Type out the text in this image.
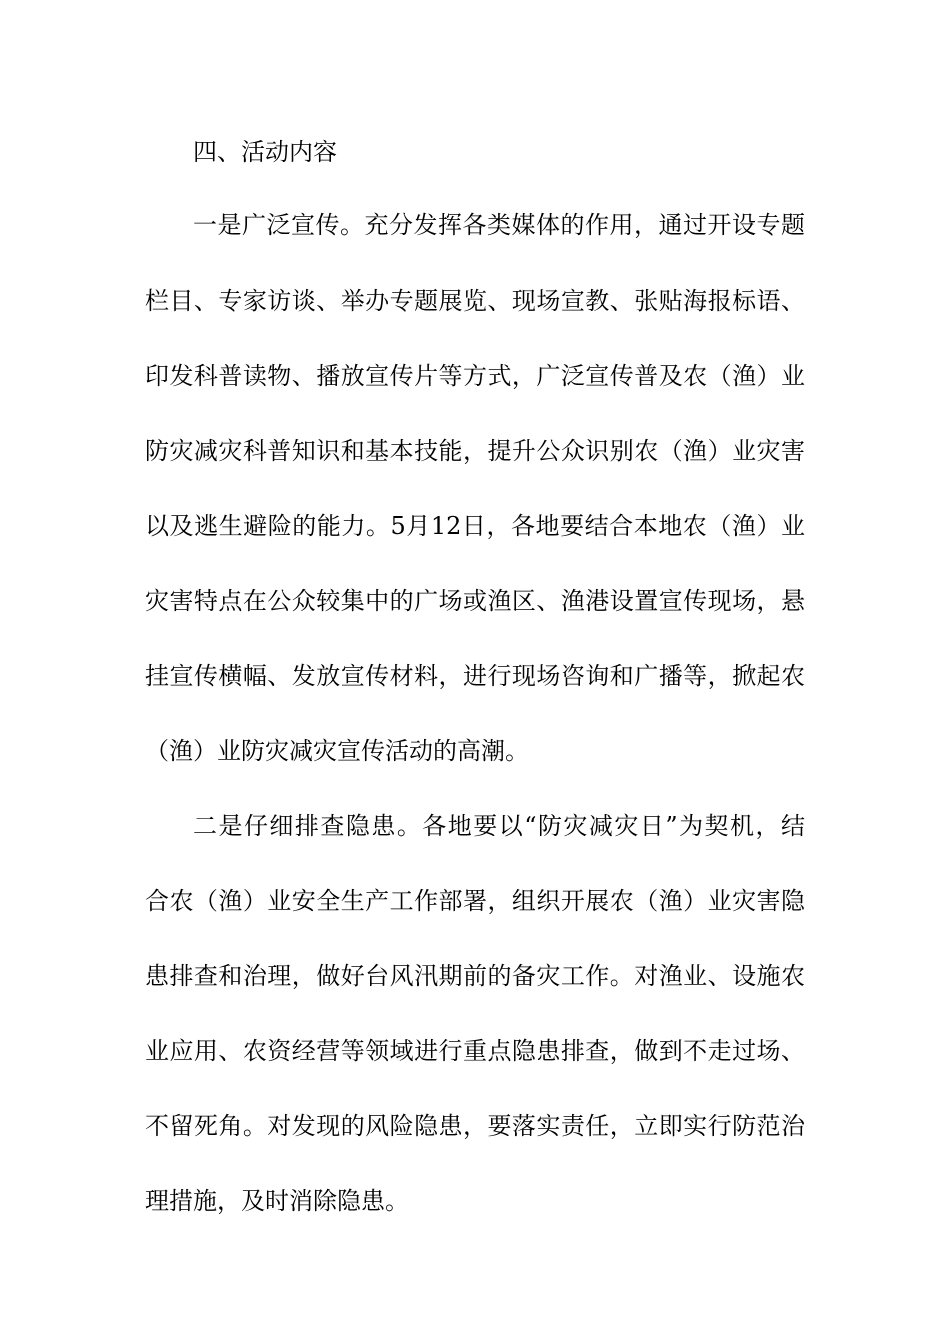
四、活动内容
一是广泛宣传。充分发挥各类媒体的作用，通过开设专题
栏目、专家访谈、举办专题展览、现场宣教、张贴海报标语、
印发科普读物、播放宣传片等方式，广泛宣传普及农（渔）业
防灾减灾科普知识和基本技能，提升公众识别农（渔）业灾害
以及逃生避险的能力。5月12日，各地要结合本地农（渔）业
灾害特点在公众较集中的广场或渔区、渔港设置宣传现场，悬
挂宣传横幅、发放宣传材料，进行现场咨询和广播等，掀起农
（渔）业防灾减灾宣传活动的高潮。
二是仔细排查隐患。各地要以“防灾减灾日”为契机，结
合农（渔）业安全生产工作部署，组织开展农（渔）业灾害隐
患排查和治理，做好台风汛期前的备灾工作。对渔业、设施农
业应用、农资经营等领域进行重点隐患排查，做到不走过场、
不留死角。对发现的风险隐患，要落实责任，立即实行防范治
理措施，及时消除隐患。
